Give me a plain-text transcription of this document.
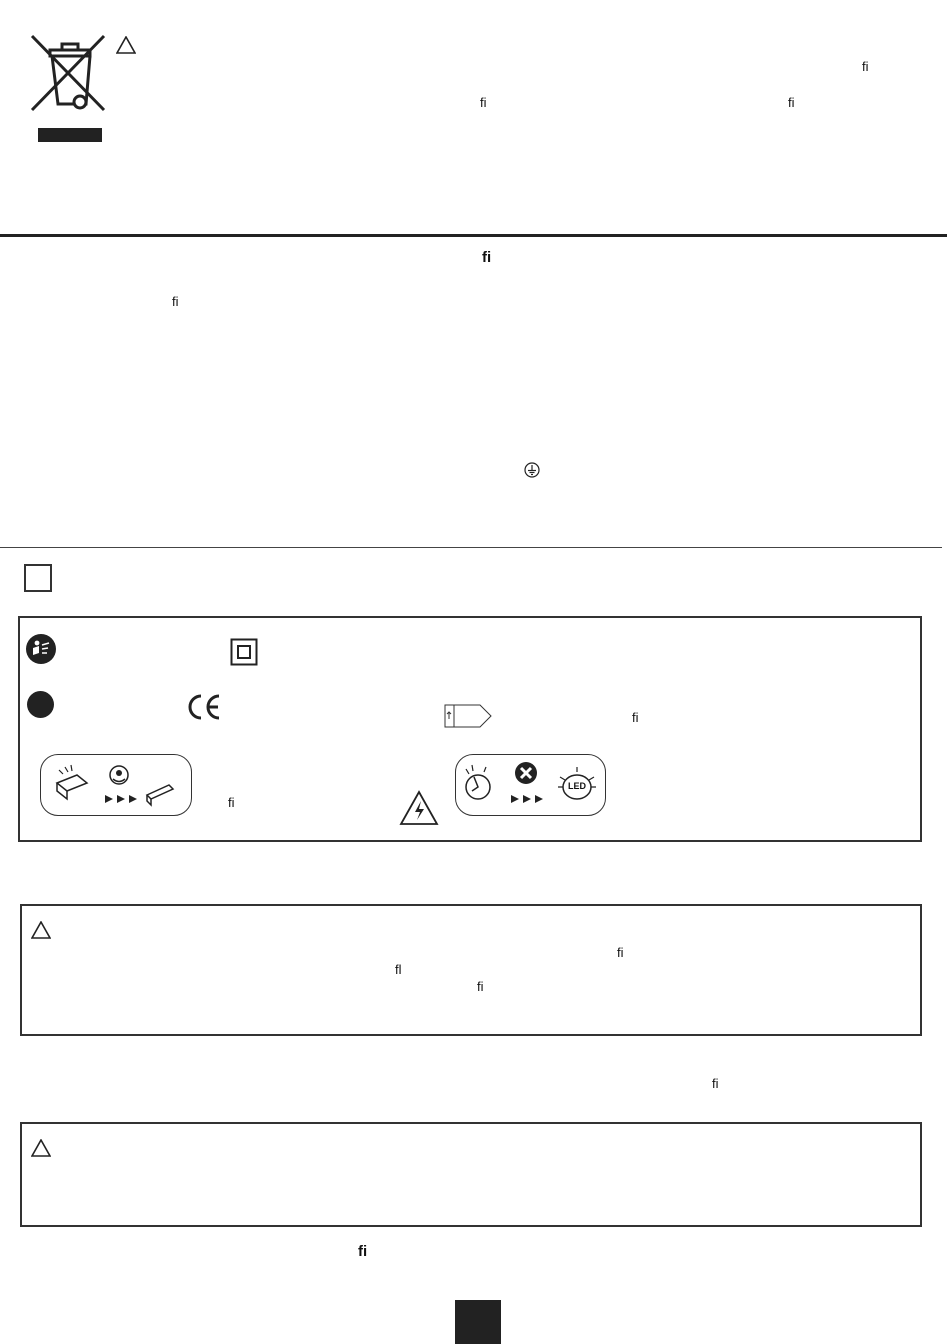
ﬁ
ﬁ	ﬁ
ﬁ
ﬁ
ﬁ
ﬁ
LED
ﬁ
ﬂ
ﬁ
ﬁ
ﬁ
